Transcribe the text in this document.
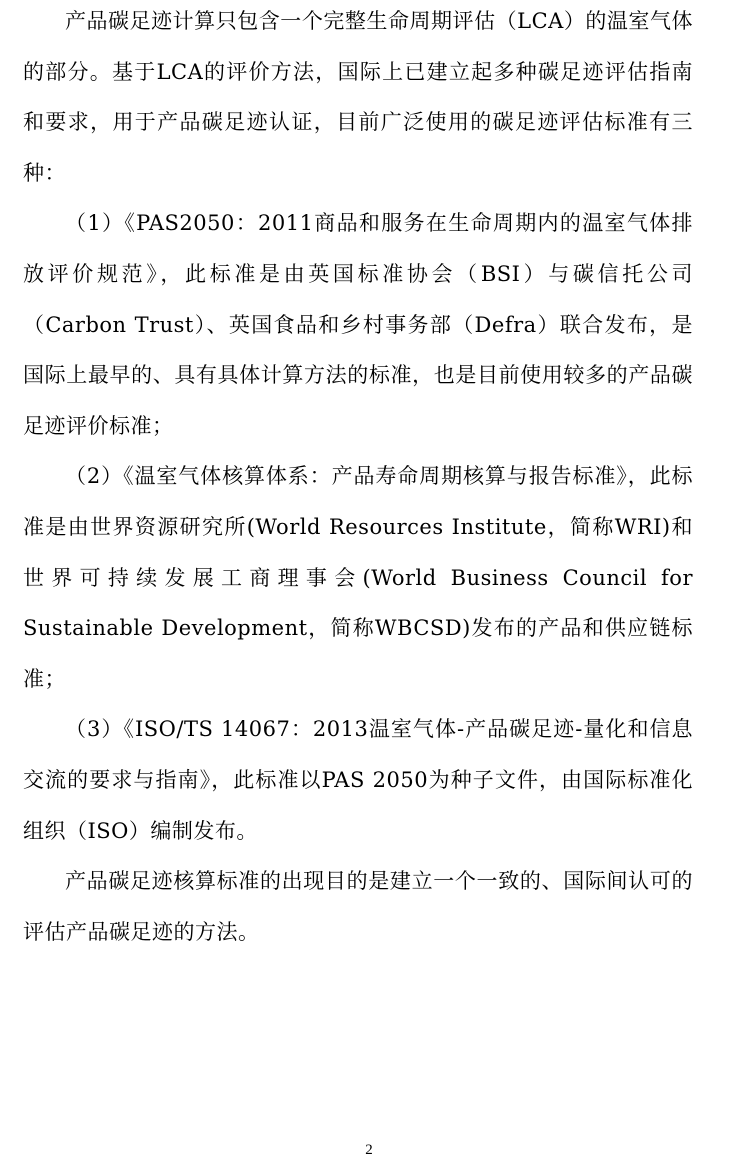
产品碳足迹计算只包含一个完整生命周期评估（LCA）的温室气体的部分。基于LCA的评价方法，国际上已建立起多种碳足迹评估指南和要求，用于产品碳足迹认证，目前广泛使用的碳足迹评估标准有三种：

（1）《PAS2050：2011商品和服务在生命周期内的温室气体排放评价规范》，此标准是由英国标准协会（BSI）与碳信托公司（Carbon Trust）、英国食品和乡村事务部（Defra）联合发布，是国际上最早的、具有具体计算方法的标准，也是目前使用较多的产品碳足迹评价标准；

（2）《温室气体核算体系：产品寿命周期核算与报告标准》，此标准是由世界资源研究所(World Resources Institute，简称WRI)和世界可持续发展工商理事会(World Business Council for Sustainable Development，简称WBCSD)发布的产品和供应链标准；

（3）《ISO/TS 14067：2013温室气体-产品碳足迹-量化和信息交流的要求与指南》，此标准以PAS 2050为种子文件，由国际标准化组织（ISO）编制发布。

产品碳足迹核算标准的出现目的是建立一个一致的、国际间认可的评估产品碳足迹的方法。

2
